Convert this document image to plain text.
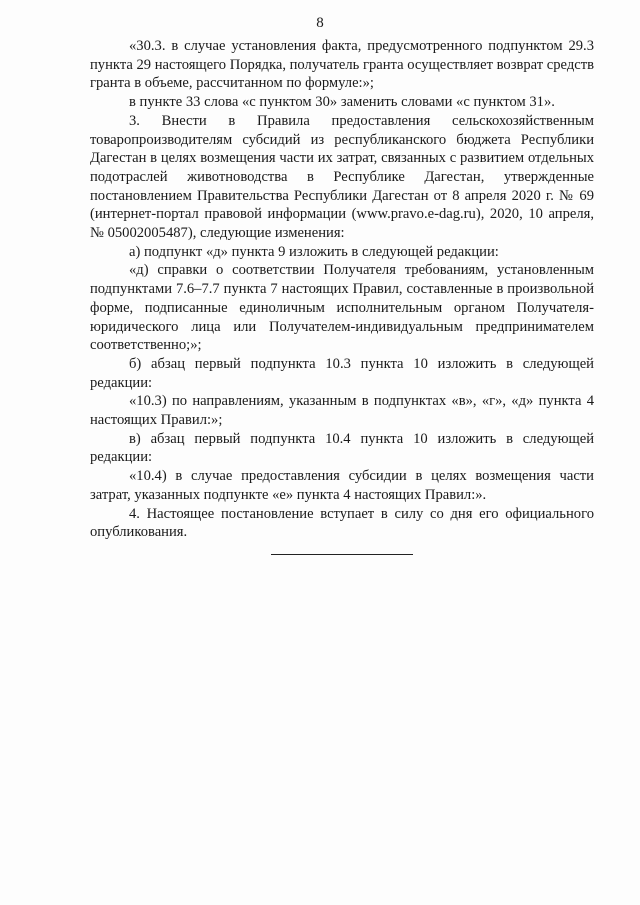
8

«30.3. в случае установления факта, предусмотренного подпунктом 29.3 пункта 29 настоящего Порядка, получатель гранта осуществляет возврат средств гранта в объеме, рассчитанном по формуле:»;

в пункте 33 слова «с пунктом 30» заменить словами «с пунктом 31».

3. Внести в Правила предоставления сельскохозяйственным товаропроизводителям субсидий из республиканского бюджета Республики Дагестан в целях возмещения части их затрат, связанных с развитием отдельных подотраслей животноводства в Республике Дагестан, утвержденные постановлением Правительства Республики Дагестан от 8 апреля 2020 г. № 69 (интернет-портал правовой информации (www.pravo.e-dag.ru), 2020, 10 апреля, № 05002005487), следующие изменения:

а) подпункт «д» пункта 9 изложить в следующей редакции:

«д) справки о соответствии Получателя требованиям, установленным подпунктами 7.6–7.7 пункта 7 настоящих Правил, составленные в произвольной форме, подписанные единоличным исполнительным органом Получателя-юридического лица или Получателем-индивидуальным предпринимателем соответственно;»;

б) абзац первый подпункта 10.3 пункта 10 изложить в следующей редакции:

«10.3) по направлениям, указанным в подпунктах «в», «г», «д» пункта 4 настоящих Правил:»;

в) абзац первый подпункта 10.4 пункта 10 изложить в следующей редакции:

«10.4) в случае предоставления субсидии в целях возмещения части затрат, указанных подпункте «е» пункта 4 настоящих Правил:».

4. Настоящее постановление вступает в силу со дня его официального опубликования.
